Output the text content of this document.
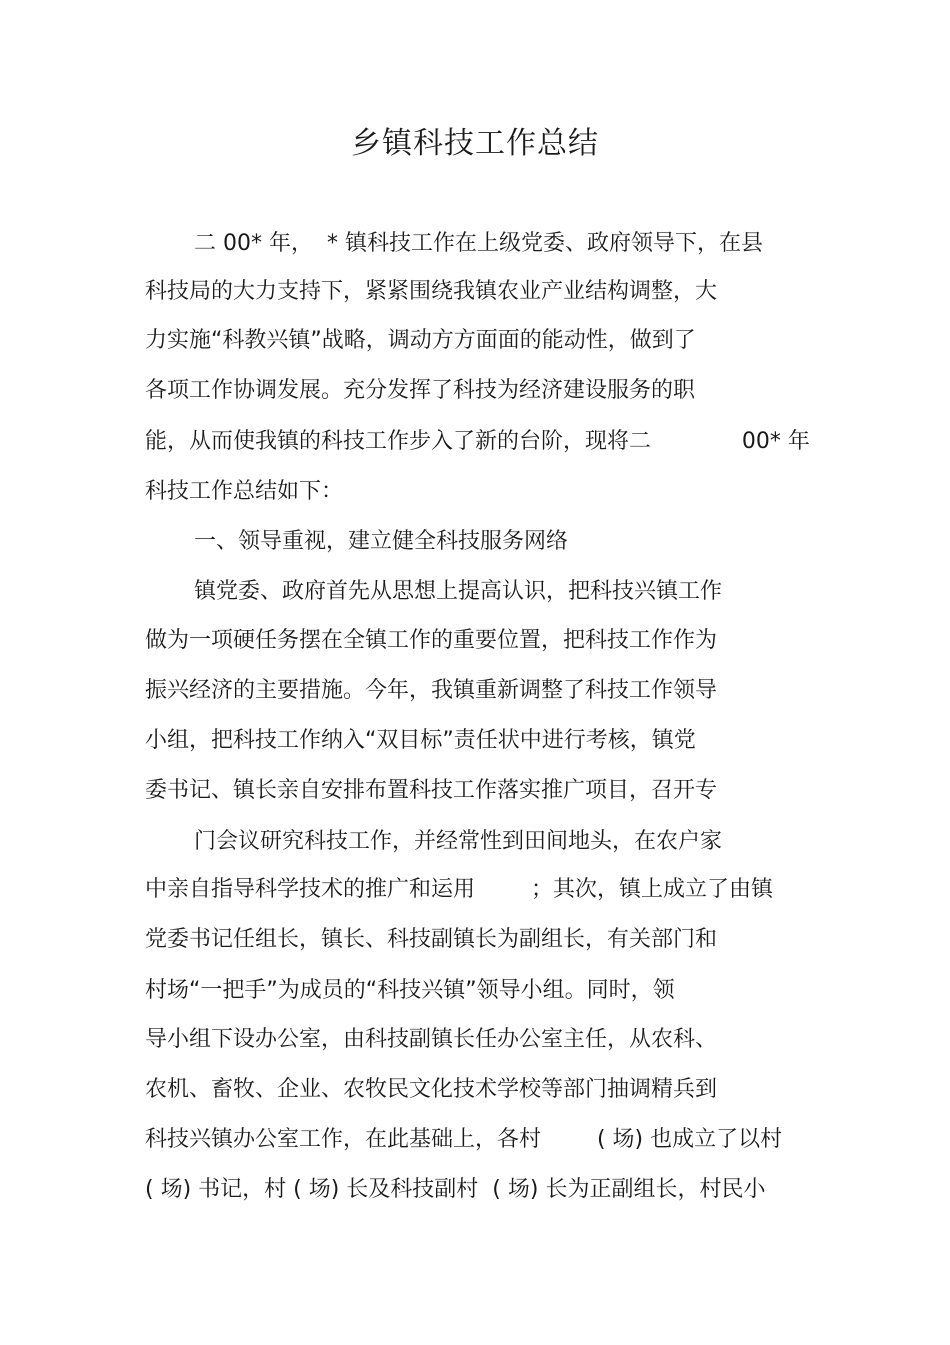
乡镇科技工作总结
二 00* 年，  * 镇科技工作在上级党委、政府领导下，在县
科技局的大力支持下，紧紧围绕我镇农业产业结构调整，大
力实施“科教兴镇”战略，调动方方面面的能动性，做到了
各项工作协调发展。充分发挥了科技为经济建设服务的职
能，从而使我镇的科技工作步入了新的台阶，现将二             00* 年
科技工作总结如下：
一、领导重视，建立健全科技服务网络
镇党委、政府首先从思想上提高认识，把科技兴镇工作
做为一项硬任务摆在全镇工作的重要位置，把科技工作作为
振兴经济的主要措施。今年，我镇重新调整了科技工作领导
小组，把科技工作纳入“双目标”责任状中进行考核，镇党
委书记、镇长亲自安排布置科技工作落实推广项目，召开专
门会议研究科技工作，并经常性到田间地头，在农户家
中亲自指导科学技术的推广和运用        ；其次，镇上成立了由镇
党委书记任组长，镇长、科技副镇长为副组长，有关部门和
村场“一把手”为成员的“科技兴镇”领导小组。同时，领
导小组下设办公室，由科技副镇长任办公室主任，从农科、
农机、畜牧、企业、农牧民文化技术学校等部门抽调精兵到
科技兴镇办公室工作，在此基础上，各村        ( 场) 也成立了以村
( 场) 书记，村 ( 场) 长及科技副村  ( 场) 长为正副组长，村民小
